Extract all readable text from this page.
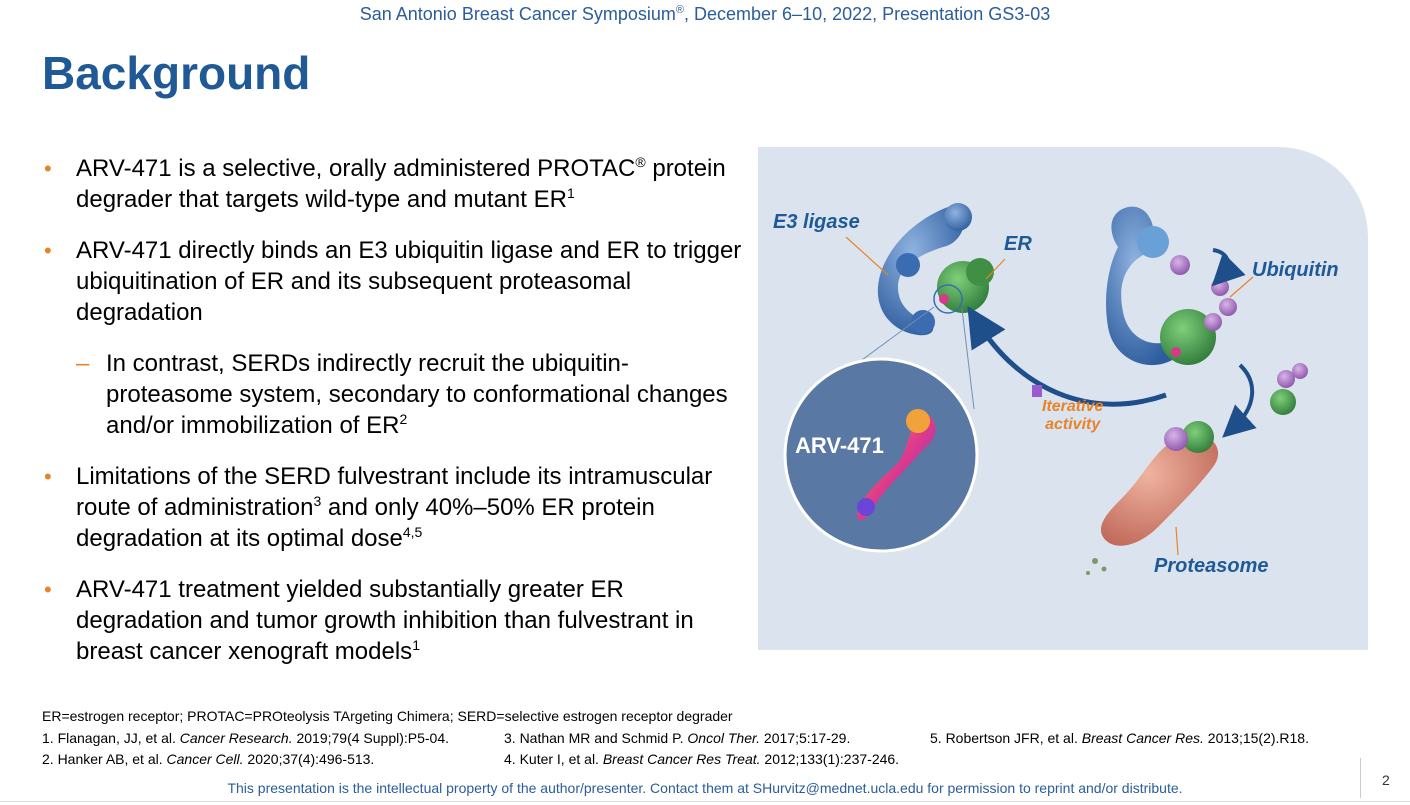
San Antonio Breast Cancer Symposium®, December 6–10, 2022, Presentation GS3-03
Background
• ARV-471 is a selective, orally administered PROTAC® protein degrader that targets wild-type and mutant $ER^1$
• ARV-471 directly binds an E3 ubiquitin ligase and ER to trigger ubiquitination of ER and its subsequent proteasomal degradation
– In contrast, SERDs indirectly recruit the ubiquitin-proteasome system, secondary to conformational changes and/or immobilization of $ER^2$
• Limitations of the SERD fulvestrant include its intramuscular route of administration$^3$ and only 40%–50% ER protein degradation at its optimal dose$^{4,5}$
• ARV-471 treatment yielded substantially greater ER degradation and tumor growth inhibition than fulvestrant in breast cancer xenograft models$^1$
E3 ligase
ER
Ubiquitin
ARV-471
Iterative
activity
Proteasome
ER=estrogen receptor; PROTAC=PROteolysis TArgeting Chimera; SERD=selective estrogen receptor degrader
1. Flanagan, JJ, et al. Cancer Research. 2019;79(4 Suppl):P5-04.
2. Hanker AB, et al. Cancer Cell. 2020;37(4):496-513.
3. Nathan MR and Schmid P. Oncol Ther. 2017;5:17-29.
4. Kuter I, et al. Breast Cancer Res Treat. 2012;133(1):237-246.
5. Robertson JFR, et al. Breast Cancer Res. 2013;15(2).R18.
This presentation is the intellectual property of the author/presenter. Contact them at SHurvitz@mednet.ucla.edu for permission to reprint and/or distribute.	2
